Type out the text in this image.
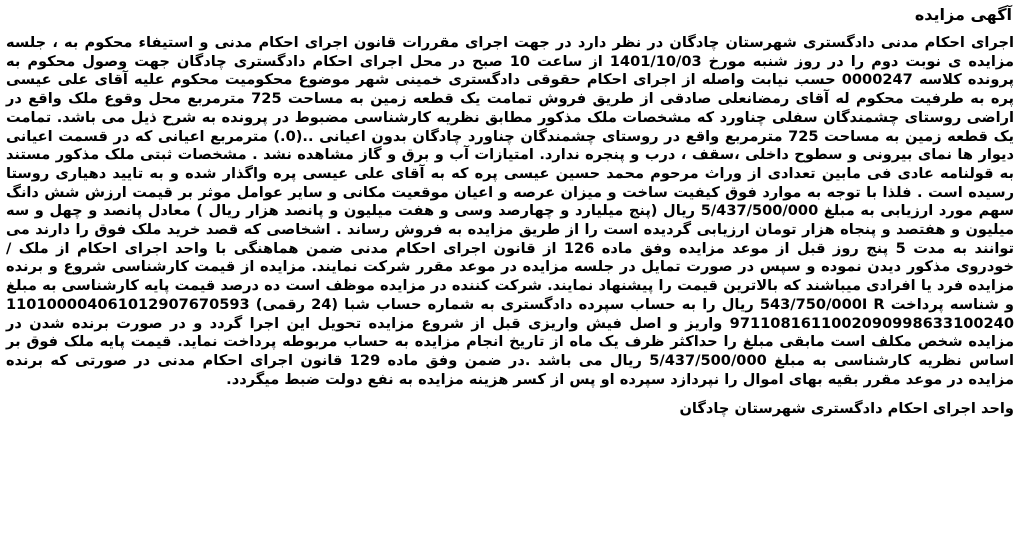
آگهی مزایده

اجرای احکام مدنی دادگستری شهرستان چادگان در نظر دارد در جهت اجرای مقررات قانون اجرای احکام مدنی و استیفاء محکوم به ، جلسه مزایده ی نوبت دوم را در روز شنبه مورخ 1401/10/03 از ساعت 10 صبح در محل اجرای احکام دادگستری چادگان جهت وصول محکوم به پرونده کلاسه 0000247 حسب نیابت واصله از اجرای احکام حقوقی دادگستری خمینی شهر موضوع محکومیت محکوم علیه آقای علی عیسی پره به طرفیت محکوم له آقای رمضانعلی صادقی از طریق فروش تمامت یک قطعه زمین به مساحت 725 مترمربع محل وقوع ملک واقع در اراضی روستای چشمندگان سفلی چناورد که مشخصات ملک مذکور مطابق نظریه کارشناسی مضبوط در پرونده به شرح ذیل می باشد. تمامت یک قطعه زمین به مساحت 725 مترمربع واقع در روستای چشمندگان چناورد چادگان بدون اعیانی ..(0.) مترمربع اعیانی که در قسمت اعیانی دیوار ها نمای بیرونی و سطوح داخلی ،سقف ، درب و پنجره ندارد. امتیازات آب و برق و گاز مشاهده نشد . مشخصات ثبتی ملک مذکور مستند به قولنامه عادی فی مابین تعدادی از وراث مرحوم محمد حسین عیسی پره که به آقای علی عیسی پره واگذار شده و به تایید دهیاری روستا رسیده است . فلذا با توجه به موارد فوق کیفیت ساخت و میزان عرصه و اعیان موقعیت مکانی و سایر عوامل موثر بر قیمت ارزش شش دانگ سهم مورد ارزیابی به مبلغ 5/437/500/000 ریال (پنج میلیارد و چهارصد وسی و هفت میلیون و پانصد هزار ریال ) معادل پانصد و چهل و سه میلیون و هفتصد و پنجاه هزار تومان ارزیابی گردیده است را از طریق مزایده به فروش رساند . اشخاصی که قصد خرید ملک فوق را دارند می توانند به مدت 5 پنج روز قبل از موعد مزایده وفق ماده 126 از قانون اجرای احکام مدنی ضمن هماهنگی با واحد اجرای احکام از ملک / خودروی مذکور دیدن نموده و سپس در صورت تمایل در جلسه مزایده در موعد مقرر شرکت نمایند. مزایده از قیمت کارشناسی شروع و برنده مزایده فرد یا افرادی میباشند که بالاترین قیمت را پیشنهاد نمایند. شرکت کننده در مزایده موظف است ده درصد قیمت پایه کارشناسی به مبلغ و شناسه پرداخت 543/750/000I R ریال را به حساب سپرده دادگستری به شماره حساب شبا (24 رقمی) 110100004061012907670593 9711081611002090998633100240 واریز و اصل فیش واریزی قبل از شروع مزایده تحویل این اجرا گردد و در صورت برنده شدن در مزایده شخص مکلف است مابقی مبلغ را حداکثر ظرف یک ماه از تاریخ انجام مزایده به حساب مربوطه پرداخت نماید. قیمت پایه ملک فوق بر اساس نظریه کارشناسی به مبلغ 5/437/500/000 ریال می باشد .در ضمن وفق ماده 129 قانون اجرای احکام مدنی در صورتی که برنده مزایده در موعد مقرر بقیه بهای اموال را نپردازد سپرده او پس از کسر هزینه مزایده به نفع دولت ضبط میگردد.

واحد اجرای احکام دادگستری شهرستان چادگان
